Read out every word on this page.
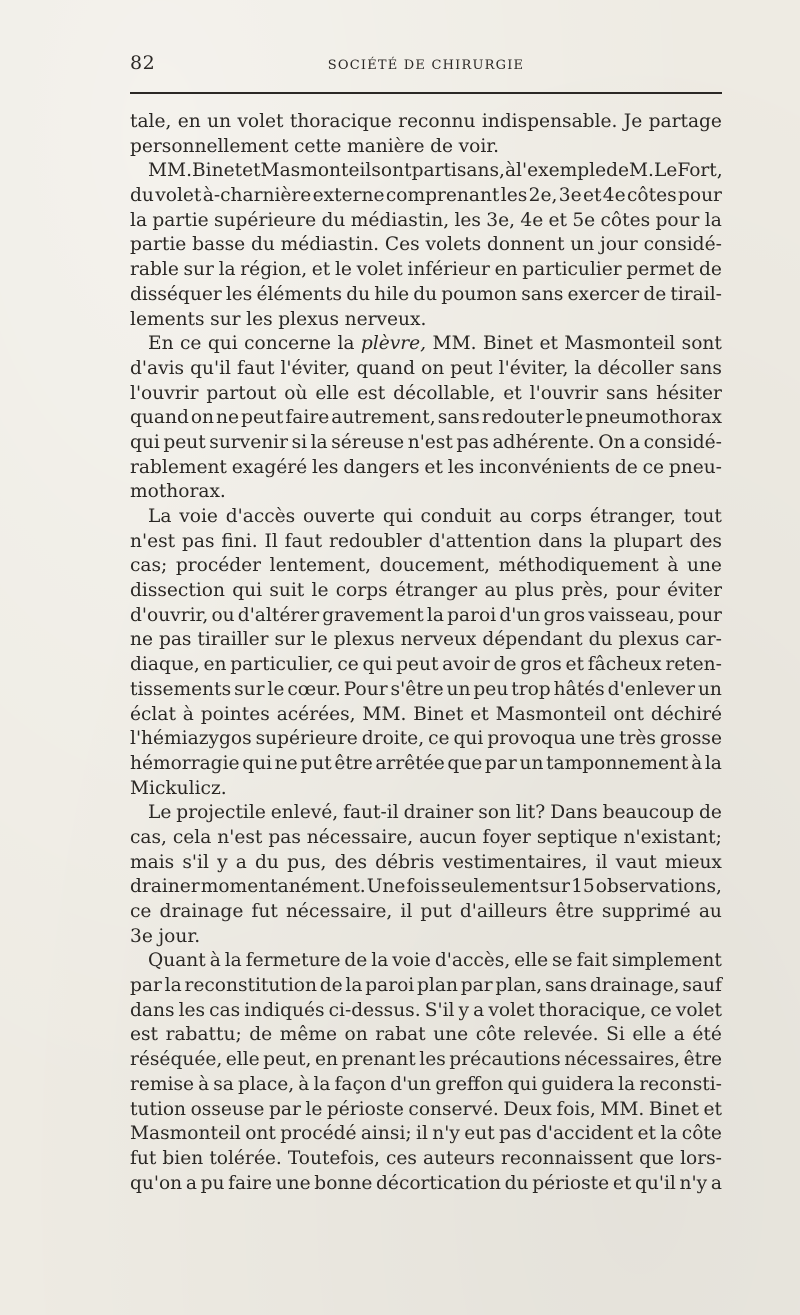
82	SOCIÉTÉ DE CHIRURGIE
tale, en un volet thoracique reconnu indispensable. Je partage
personnellement cette manière de voir.
MM. Binet et Masmonteil sont partisans, à l'exemple de M. Le Fort,
du volet à-charnière externe comprenant les 2e, 3e et 4e côtes pour
la partie supérieure du médiastin, les 3e, 4e et 5e côtes pour la
partie basse du médiastin. Ces volets donnent un jour considé-
rable sur la région, et le volet inférieur en particulier permet de
disséquer les éléments du hile du poumon sans exercer de tirail-
lements sur les plexus nerveux.
En ce qui concerne la plèvre, MM. Binet et Masmonteil sont
d'avis qu'il faut l'éviter, quand on peut l'éviter, la décoller sans
l'ouvrir partout où elle est décollable, et l'ouvrir sans hésiter
quand on ne peut faire autrement, sans redouter le pneumothorax
qui peut survenir si la séreuse n'est pas adhérente. On a considé-
rablement exagéré les dangers et les inconvénients de ce pneu-
mothorax.
La voie d'accès ouverte qui conduit au corps étranger, tout
n'est pas fini. Il faut redoubler d'attention dans la plupart des
cas; procéder lentement, doucement, méthodiquement à une
dissection qui suit le corps étranger au plus près, pour éviter
d'ouvrir, ou d'altérer gravement la paroi d'un gros vaisseau, pour
ne pas tirailler sur le plexus nerveux dépendant du plexus car-
diaque, en particulier, ce qui peut avoir de gros et fâcheux reten-
tissements sur le cœur. Pour s'être un peu trop hâtés d'enlever un
éclat à pointes acérées, MM. Binet et Masmonteil ont déchiré
l'hémiazygos supérieure droite, ce qui provoqua une très grosse
hémorragie qui ne put être arrêtée que par un tamponnement à la
Mickulicz.
Le projectile enlevé, faut-il drainer son lit? Dans beaucoup de
cas, cela n'est pas nécessaire, aucun foyer septique n'existant;
mais s'il y a du pus, des débris vestimentaires, il vaut mieux
drainer momentanément. Une fois seulement sur 15 observations,
ce drainage fut nécessaire, il put d'ailleurs être supprimé au
3e jour.
Quant à la fermeture de la voie d'accès, elle se fait simplement
par la reconstitution de la paroi plan par plan, sans drainage, sauf
dans les cas indiqués ci-dessus. S'il y a volet thoracique, ce volet
est rabattu; de même on rabat une côte relevée. Si elle a été
réséquée, elle peut, en prenant les précautions nécessaires, être
remise à sa place, à la façon d'un greffon qui guidera la reconsti-
tution osseuse par le périoste conservé. Deux fois, MM. Binet et
Masmonteil ont procédé ainsi; il n'y eut pas d'accident et la côte
fut bien tolérée. Toutefois, ces auteurs reconnaissent que lors-
qu'on a pu faire une bonne décortication du périoste et qu'il n'y a
